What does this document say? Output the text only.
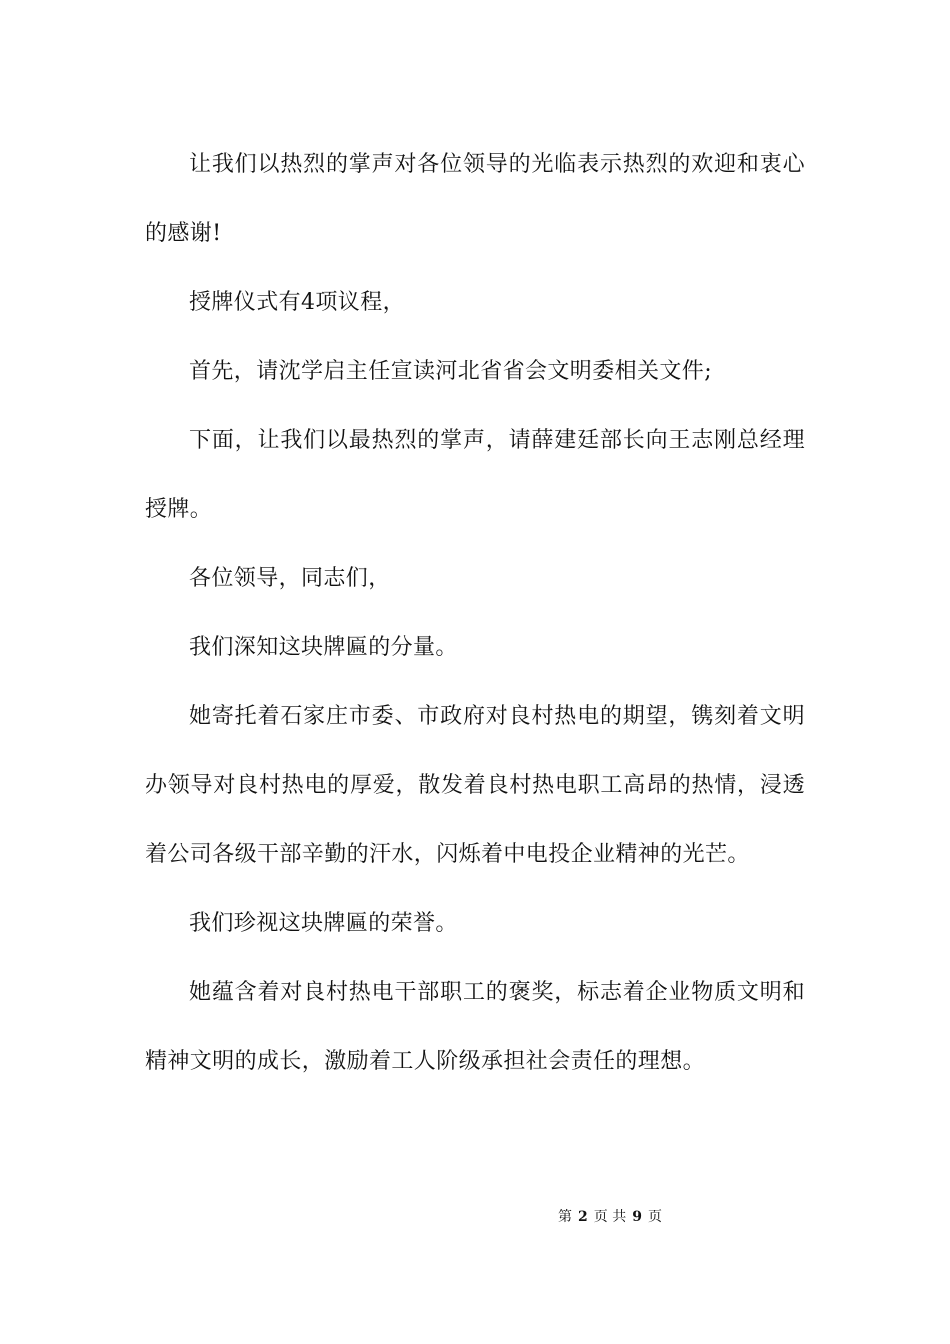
让我们以热烈的掌声对各位领导的光临表示热烈的欢迎和衷心的感谢!

授牌仪式有4项议程，

首先，请沈学启主任宣读河北省省会文明委相关文件;

下面，让我们以最热烈的掌声，请薛建廷部长向王志刚总经理授牌。

各位领导，同志们，

我们深知这块牌匾的分量。

她寄托着石家庄市委、市政府对良村热电的期望，镌刻着文明办领导对良村热电的厚爱，散发着良村热电职工高昂的热情，浸透着公司各级干部辛勤的汗水，闪烁着中电投企业精神的光芒。

我们珍视这块牌匾的荣誉。

她蕴含着对良村热电干部职工的褒奖，标志着企业物质文明和精神文明的成长，激励着工人阶级承担社会责任的理想。

第 2 页 共 9 页
